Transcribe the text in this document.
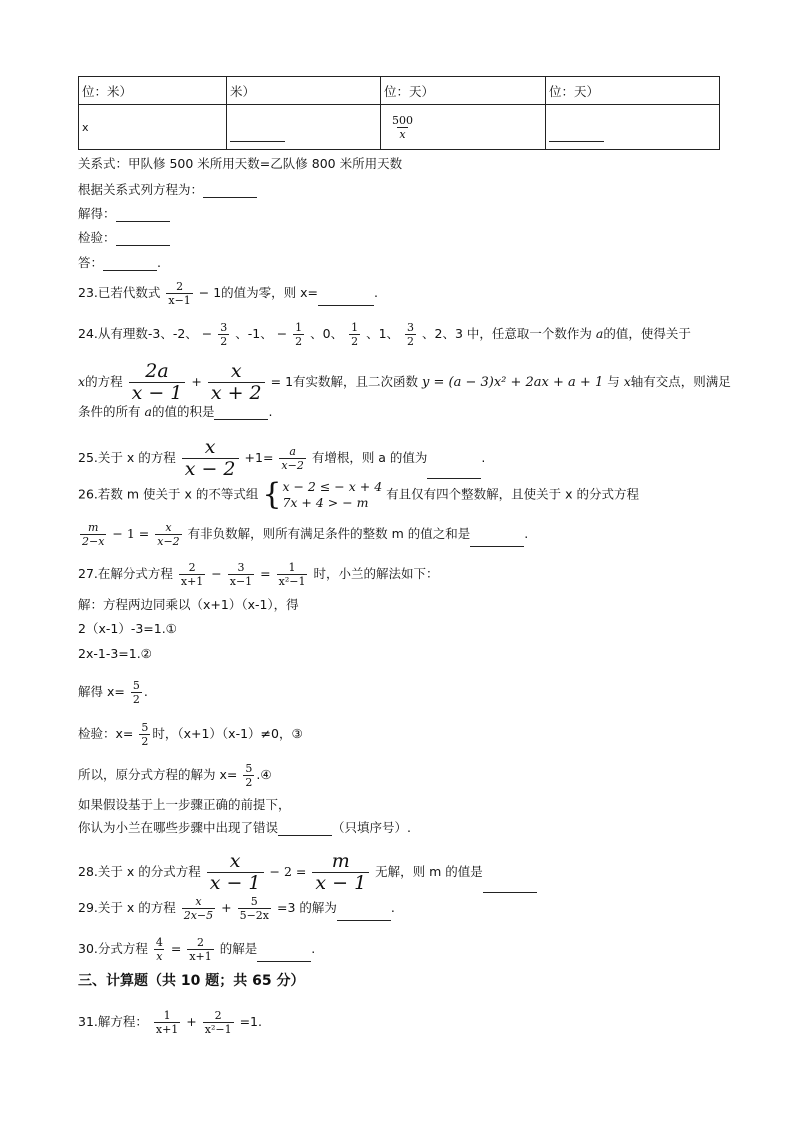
位：米）	米）	位：天）	位：天）
x		$\frac{500}{x}$

关系式：甲队修 500 米所用天数=乙队修 800 米所用天数
根据关系式列方程为：
解得：
检验：
答：	.
23.已若代数式 $\frac{2}{x-1} - 1$的值为零，则 x=	.
24.从有理数-3、-2、 − $\frac{3}{2}$ 、-1、 − $\frac{1}{2}$ 、0、 $\frac{1}{2}$ 、1、 $\frac{3}{2}$ 、2、3 中，任意取一个数作为 a的值，使得关于
x的方程 $\frac{2a}{x - 1} + \frac{x}{x + 2} = 1$有实数解，且二次函数 y = (a − 3)x² + 2ax + a + 1 与 x轴有交点，则满足
条件的所有 a的值的积是	.
25.关于 x 的方程 $\frac{x}{x - 2} +1= \frac{a}{x-2}$ 有增根，则 a 的值为	.
26.若数 m 使关于 x 的不等式组 { x − 2 ≤ − x + 4
7x + 4 > − m
有且仅有四个整数解，且使关于 x 的分式方程
$\frac{m}{2-x} - 1 = \frac{x}{x-2}$ 有非负数解，则所有满足条件的整数 m 的值之和是	.
27.在解分式方程 $\frac{2}{x+1} - \frac{3}{x-1} = \frac{1}{\text{x²−1}}$ 时，小兰的解法如下：
解：方程两边同乘以（x+1）（x-1），得
2（x-1）-3=1.①
2x-1-3=1.②
解得 $x= \frac{5}{2}$ .
检验：$x= \frac{5}{2}$ 时，（x+1）（x-1）≠0，③
所以，原分式方程的解为 $x= \frac{5}{2}$ .④
如果假设基于上一步骤正确的前提下，
你认为小兰在哪些步骤中出现了错误	（只填序号）.
28.关于 x 的分式方程 $\frac{x}{x - 1} - 2 = \frac{m}{x - 1}$ 无解，则 m 的值是
29.关于 x 的方程 $\frac{x}{2x-5} + \frac{5}{5-2x} =3$ 的解为	.
30.分式方程 $\frac{4}{x} = \frac{2}{x+1}$ 的解是	.
三、计算题（共 10 题；共 65 分）
31.解方程： $\frac{1}{x+1} + \frac{2}{\text{x²−1}} =1$.
